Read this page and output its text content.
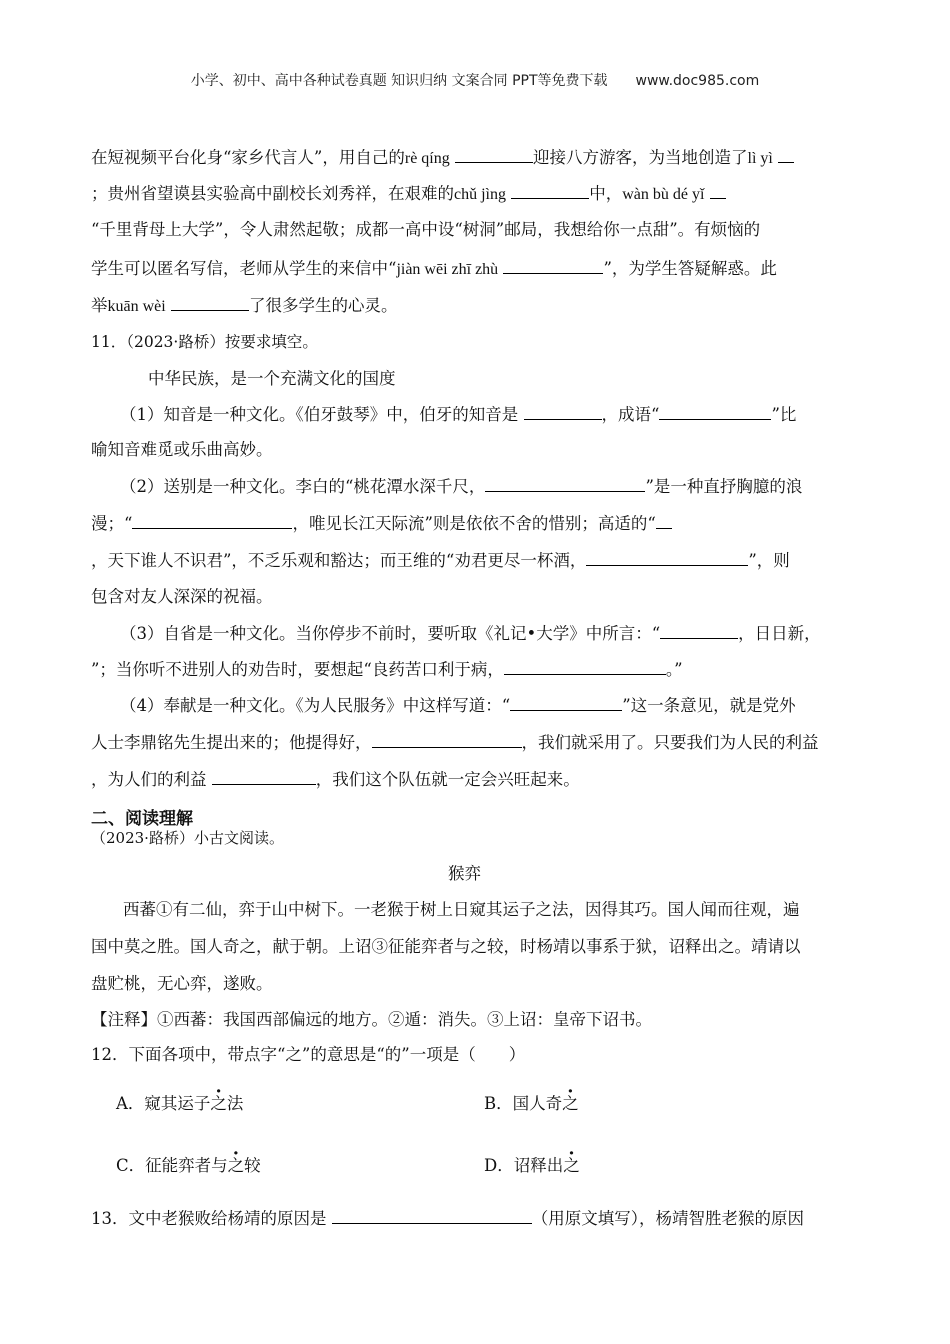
小学、初中、高中各种试卷真题 知识归纳 文案合同 PPT等免费下载 www.doc985.com
在短视频平台化身“家乡代言人”，用自己的rè qíng	迎接八方游客，为当地创造了lì yì
；贵州省望谟县实验高中副校长刘秀祥，在艰难的chǔ jìng	中，wàn bù dé yǐ
“千里背母上大学”，令人肃然起敬；成都一高中设“树洞”邮局，我想给你一点甜”。有烦恼的
学生可以匿名写信，老师从学生的来信中“jiàn wēi zhī zhù	”，为学生答疑解惑。此
举kuān wèi	了很多学生的心灵。
11．（2023·路桥）按要求填空。
中华民族，是一个充满文化的国度
（1）知音是一种文化。《伯牙鼓琴》中，伯牙的知音是	，成语“	”比
喻知音难觅或乐曲高妙。
（2）送别是一种文化。李白的“桃花潭水深千尺，	”是一种直抒胸臆的浪
漫；“	，唯见长江天际流”则是依依不舍的惜别；高适的“
，天下谁人不识君”，不乏乐观和豁达；而王维的“劝君更尽一杯酒，	”，则
包含对友人深深的祝福。
（3）自省是一种文化。当你停步不前时，要听取《礼记•大学》中所言：“	，日日新，
”；当你听不进别人的劝告时，要想起“良药苦口利于病，	。”
（4）奉献是一种文化。《为人民服务》中这样写道：“	”这一条意见，就是党外
人士李鼎铭先生提出来的；他提得好，	，我们就采用了。只要我们为人民的利益
，为人们的利益	，我们这个队伍就一定会兴旺起来。
二、阅读理解
（2023·路桥）小古文阅读。
猴弈
西蕃①有二仙，弈于山中树下。一老猴于树上日窥其运子之法，因得其巧。国人闻而往观，遍
国中莫之胜。国人奇之，献于朝。上诏③征能弈者与之较，时杨靖以事系于狱，诏释出之。靖请以
盘贮桃，无心弈，遂败。
【注释】①西蕃：我国西部偏远的地方。②遁：消失。③上诏：皇帝下诏书。
12．下面各项中，带点字“之”的意思是“的”一项是（　　）
A．窥其运子之法	B．国人奇之
C．征能弈者与之较	D．诏释出之
13．文中老猴败给杨靖的原因是	（用原文填写），杨靖智胜老猴的原因
